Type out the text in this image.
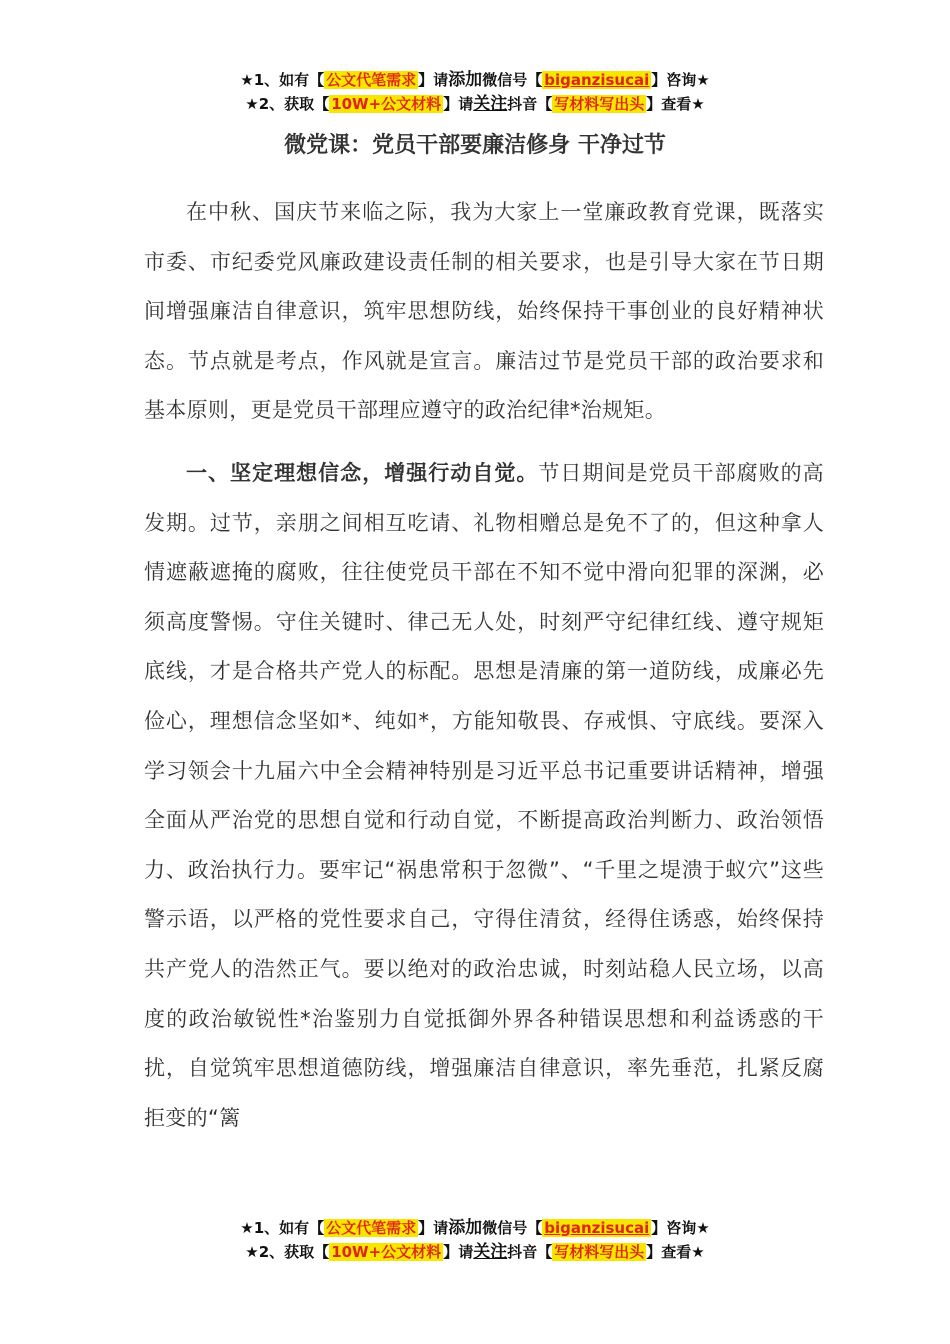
★1、如有【 公文代笔需求 】请添加微信号【 biganzisucai 】咨询★
★2、获取【 10W+公文材料 】请关注抖音【 写材料写出头 】查看★
微党课：党员干部要廉洁修身 干净过节

在中秋、国庆节来临之际，我为大家上一堂廉政教育党课，既落实市委、市纪委党风廉政建设责任制的相关要求，也是引导大家在节日期间增强廉洁自律意识，筑牢思想防线，始终保持干事创业的良好精神状态。节点就是考点，作风就是宣言。廉洁过节是党员干部的政治要求和基本原则，更是党员干部理应遵守的政治纪律*治规矩。

一、坚定理想信念，增强行动自觉。节日期间是党员干部腐败的高发期。过节，亲朋之间相互吃请、礼物相赠总是免不了的，但这种拿人情遮蔽遮掩的腐败，往往使党员干部在不知不觉中滑向犯罪的深渊，必须高度警惕。守住关键时、律己无人处，时刻严守纪律红线、遵守规矩底线，才是合格共产党人的标配。思想是清廉的第一道防线，成廉必先俭心，理想信念坚如*、纯如*，方能知敬畏、存戒惧、守底线。要深入学习领会十九届六中全会精神特别是习近平总书记重要讲话精神，增强全面从严治党的思想自觉和行动自觉，不断提高政治判断力、政治领悟力、政治执行力。要牢记“祸患常积于忽微”、“千里之堤溃于蚁穴”这些警示语，以严格的党性要求自己，守得住清贫，经得住诱惑，始终保持共产党人的浩然正气。要以绝对的政治忠诚，时刻站稳人民立场，以高度的政治敏锐性*治鉴别力自觉抵御外界各种错误思想和利益诱惑的干扰，自觉筑牢思想道德防线，增强廉洁自律意识，率先垂范，扎紧反腐拒变的“篱

★1、如有【 公文代笔需求 】请添加微信号【 biganzisucai 】咨询★
★2、获取【 10W+公文材料 】请关注抖音【 写材料写出头 】查看★
